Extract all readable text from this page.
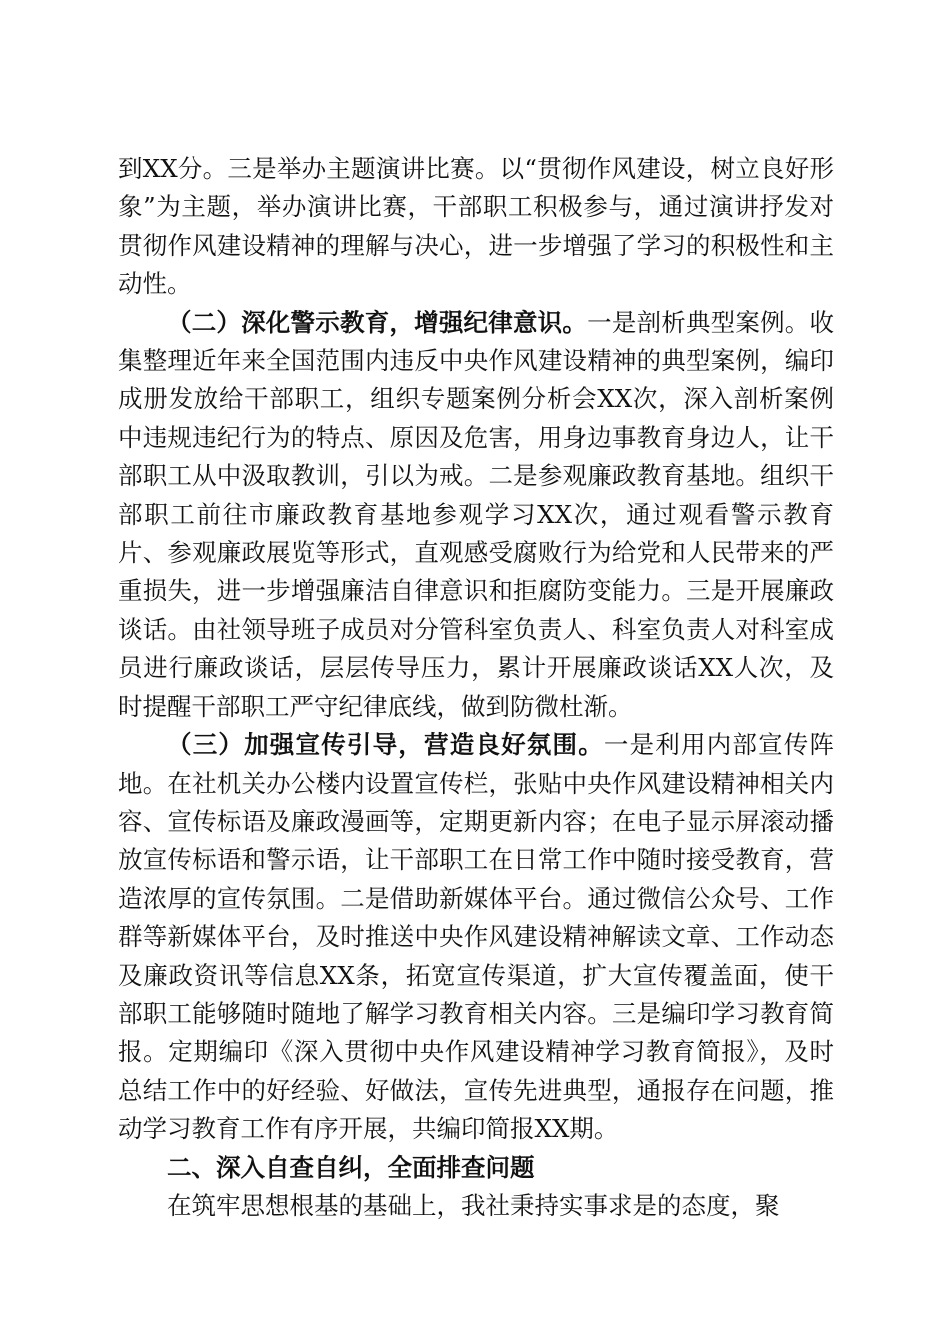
到XX分。三是举办主题演讲比赛。以“贯彻作风建设，树立良好形象”为主题，举办演讲比赛，干部职工积极参与，通过演讲抒发对贯彻作风建设精神的理解与决心，进一步增强了学习的积极性和主动性。

（二）深化警示教育，增强纪律意识。一是剖析典型案例。收集整理近年来全国范围内违反中央作风建设精神的典型案例，编印成册发放给干部职工，组织专题案例分析会XX次，深入剖析案例中违规违纪行为的特点、原因及危害，用身边事教育身边人，让干部职工从中汲取教训，引以为戒。二是参观廉政教育基地。组织干部职工前往市廉政教育基地参观学习XX次，通过观看警示教育片、参观廉政展览等形式，直观感受腐败行为给党和人民带来的严重损失，进一步增强廉洁自律意识和拒腐防变能力。三是开展廉政谈话。由社领导班子成员对分管科室负责人、科室负责人对科室成员进行廉政谈话，层层传导压力，累计开展廉政谈话XX人次，及时提醒干部职工严守纪律底线，做到防微杜渐。

（三）加强宣传引导，营造良好氛围。一是利用内部宣传阵地。在社机关办公楼内设置宣传栏，张贴中央作风建设精神相关内容、宣传标语及廉政漫画等，定期更新内容；在电子显示屏滚动播放宣传标语和警示语，让干部职工在日常工作中随时接受教育，营造浓厚的宣传氛围。二是借助新媒体平台。通过微信公众号、工作群等新媒体平台，及时推送中央作风建设精神解读文章、工作动态及廉政资讯等信息XX条，拓宽宣传渠道，扩大宣传覆盖面，使干部职工能够随时随地了解学习教育相关内容。三是编印学习教育简报。定期编印《深入贯彻中央作风建设精神学习教育简报》，及时总结工作中的好经验、好做法，宣传先进典型，通报存在问题，推动学习教育工作有序开展，共编印简报XX期。

二、深入自查自纠，全面排查问题

在筑牢思想根基的基础上，我社秉持实事求是的态度，聚
